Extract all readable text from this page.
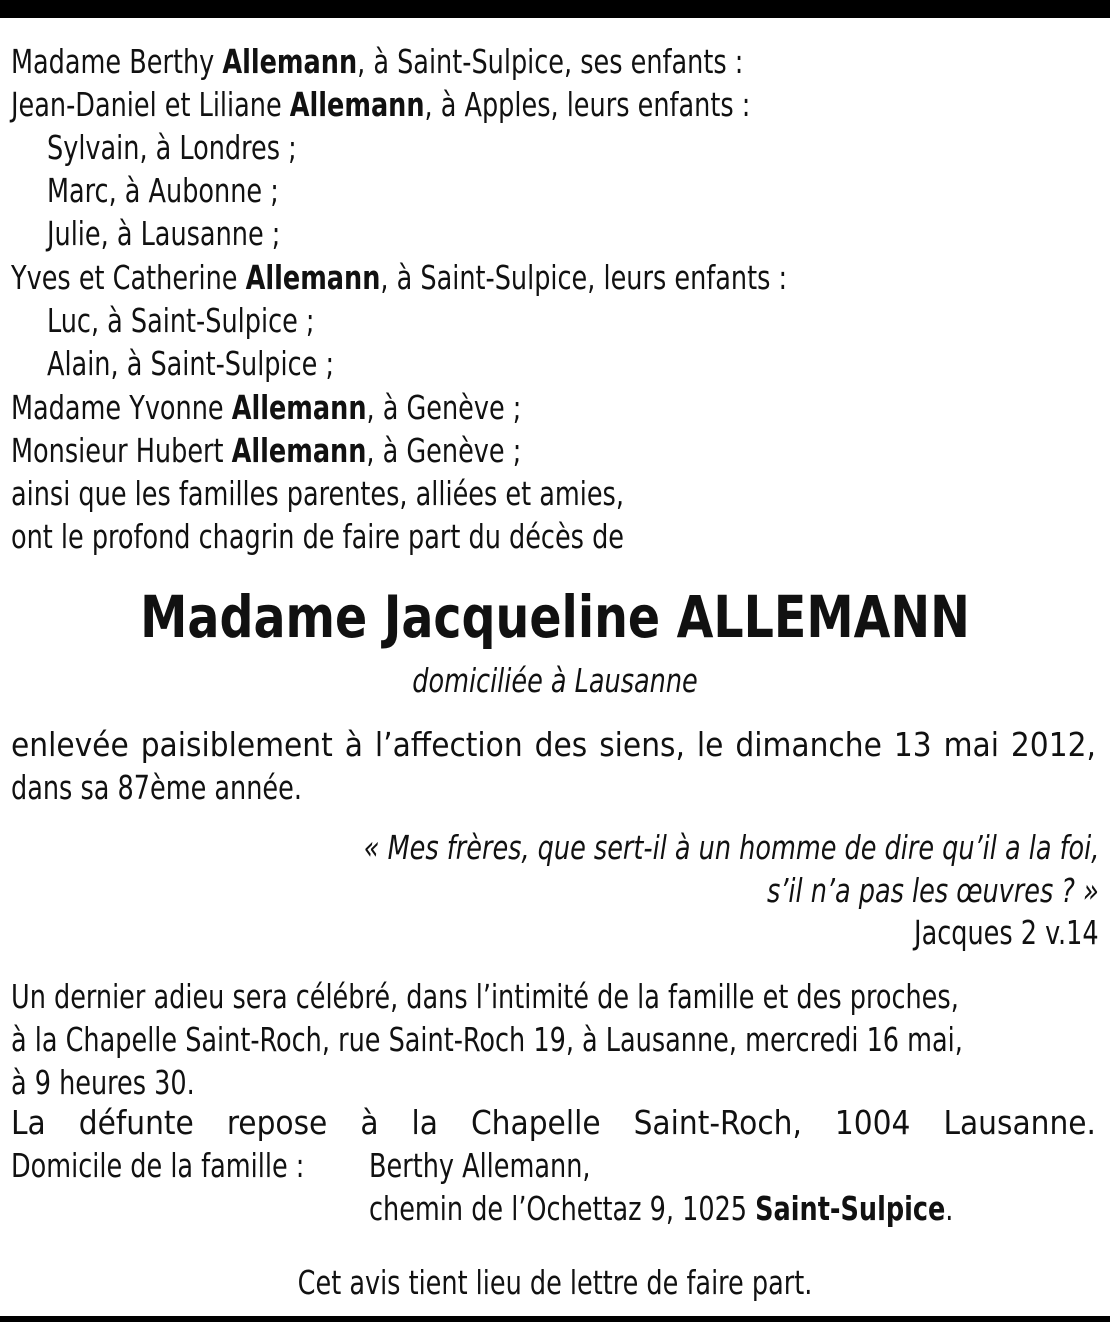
Madame Berthy Allemann, à Saint-Sulpice, ses enfants :
Jean-Daniel et Liliane Allemann, à Apples, leurs enfants :
Sylvain, à Londres ;
Marc, à Aubonne ;
Julie, à Lausanne ;
Yves et Catherine Allemann, à Saint-Sulpice, leurs enfants :
Luc, à Saint-Sulpice ;
Alain, à Saint-Sulpice ;
Madame Yvonne Allemann, à Genève ;
Monsieur Hubert Allemann, à Genève ;
ainsi que les familles parentes, alliées et amies,
ont le profond chagrin de faire part du décès de
Madame Jacqueline ALLEMANN
domiciliée à Lausanne
enlevée paisiblement à l’affection des siens, le dimanche 13 mai 2012,
dans sa 87ème année.
« Mes frères, que sert-il à un homme de dire qu’il a la foi,
s’il n’a pas les œuvres ? »
Jacques 2 v.14
Un dernier adieu sera célébré, dans l’intimité de la famille et des proches,
à la Chapelle Saint-Roch, rue Saint-Roch 19, à Lausanne, mercredi 16 mai,
à 9 heures 30.
La défunte repose à la Chapelle Saint-Roch, 1004 Lausanne.
Domicile de la famille : Berthy Allemann,
chemin de l’Ochettaz 9, 1025 Saint-Sulpice.
Cet avis tient lieu de lettre de faire part.
